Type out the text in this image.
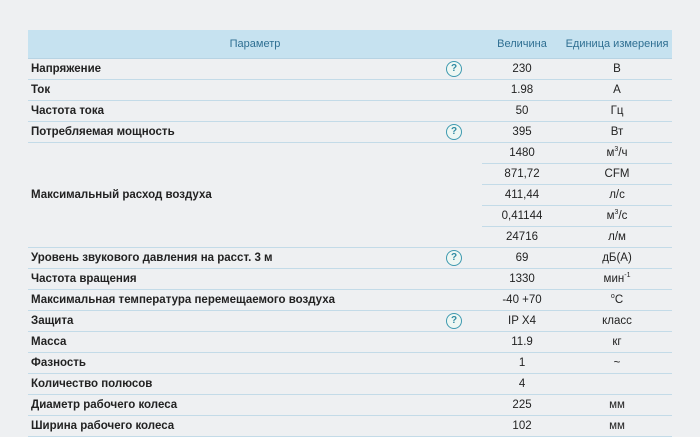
Параметр		Величина	Единица измерения
Напряжение	?	230	В
Ток		1.98	А
Частота тока		50	Гц
Потребляемая мощность	?	395	Вт
Максимальный расход воздуха		1480	$м^3/ч$
		871,72	CFM
		411,44	л/с
		0,41144	$м^3/с$
		24716	л/м
Уровень звукового давления на расст. 3 м	?	69	дБ(А)
Частота вращения		1330	мин$^{-1}$
Максимальная температура перемещаемого воздуха		-40 +70	$^o$C
Защита	?	IP X4	класс
Масса		11.9	кг
Фазность		1	~
Количество полюсов		4	
Диаметр рабочего колеса		225	мм
Ширина рабочего колеса		102	мм
